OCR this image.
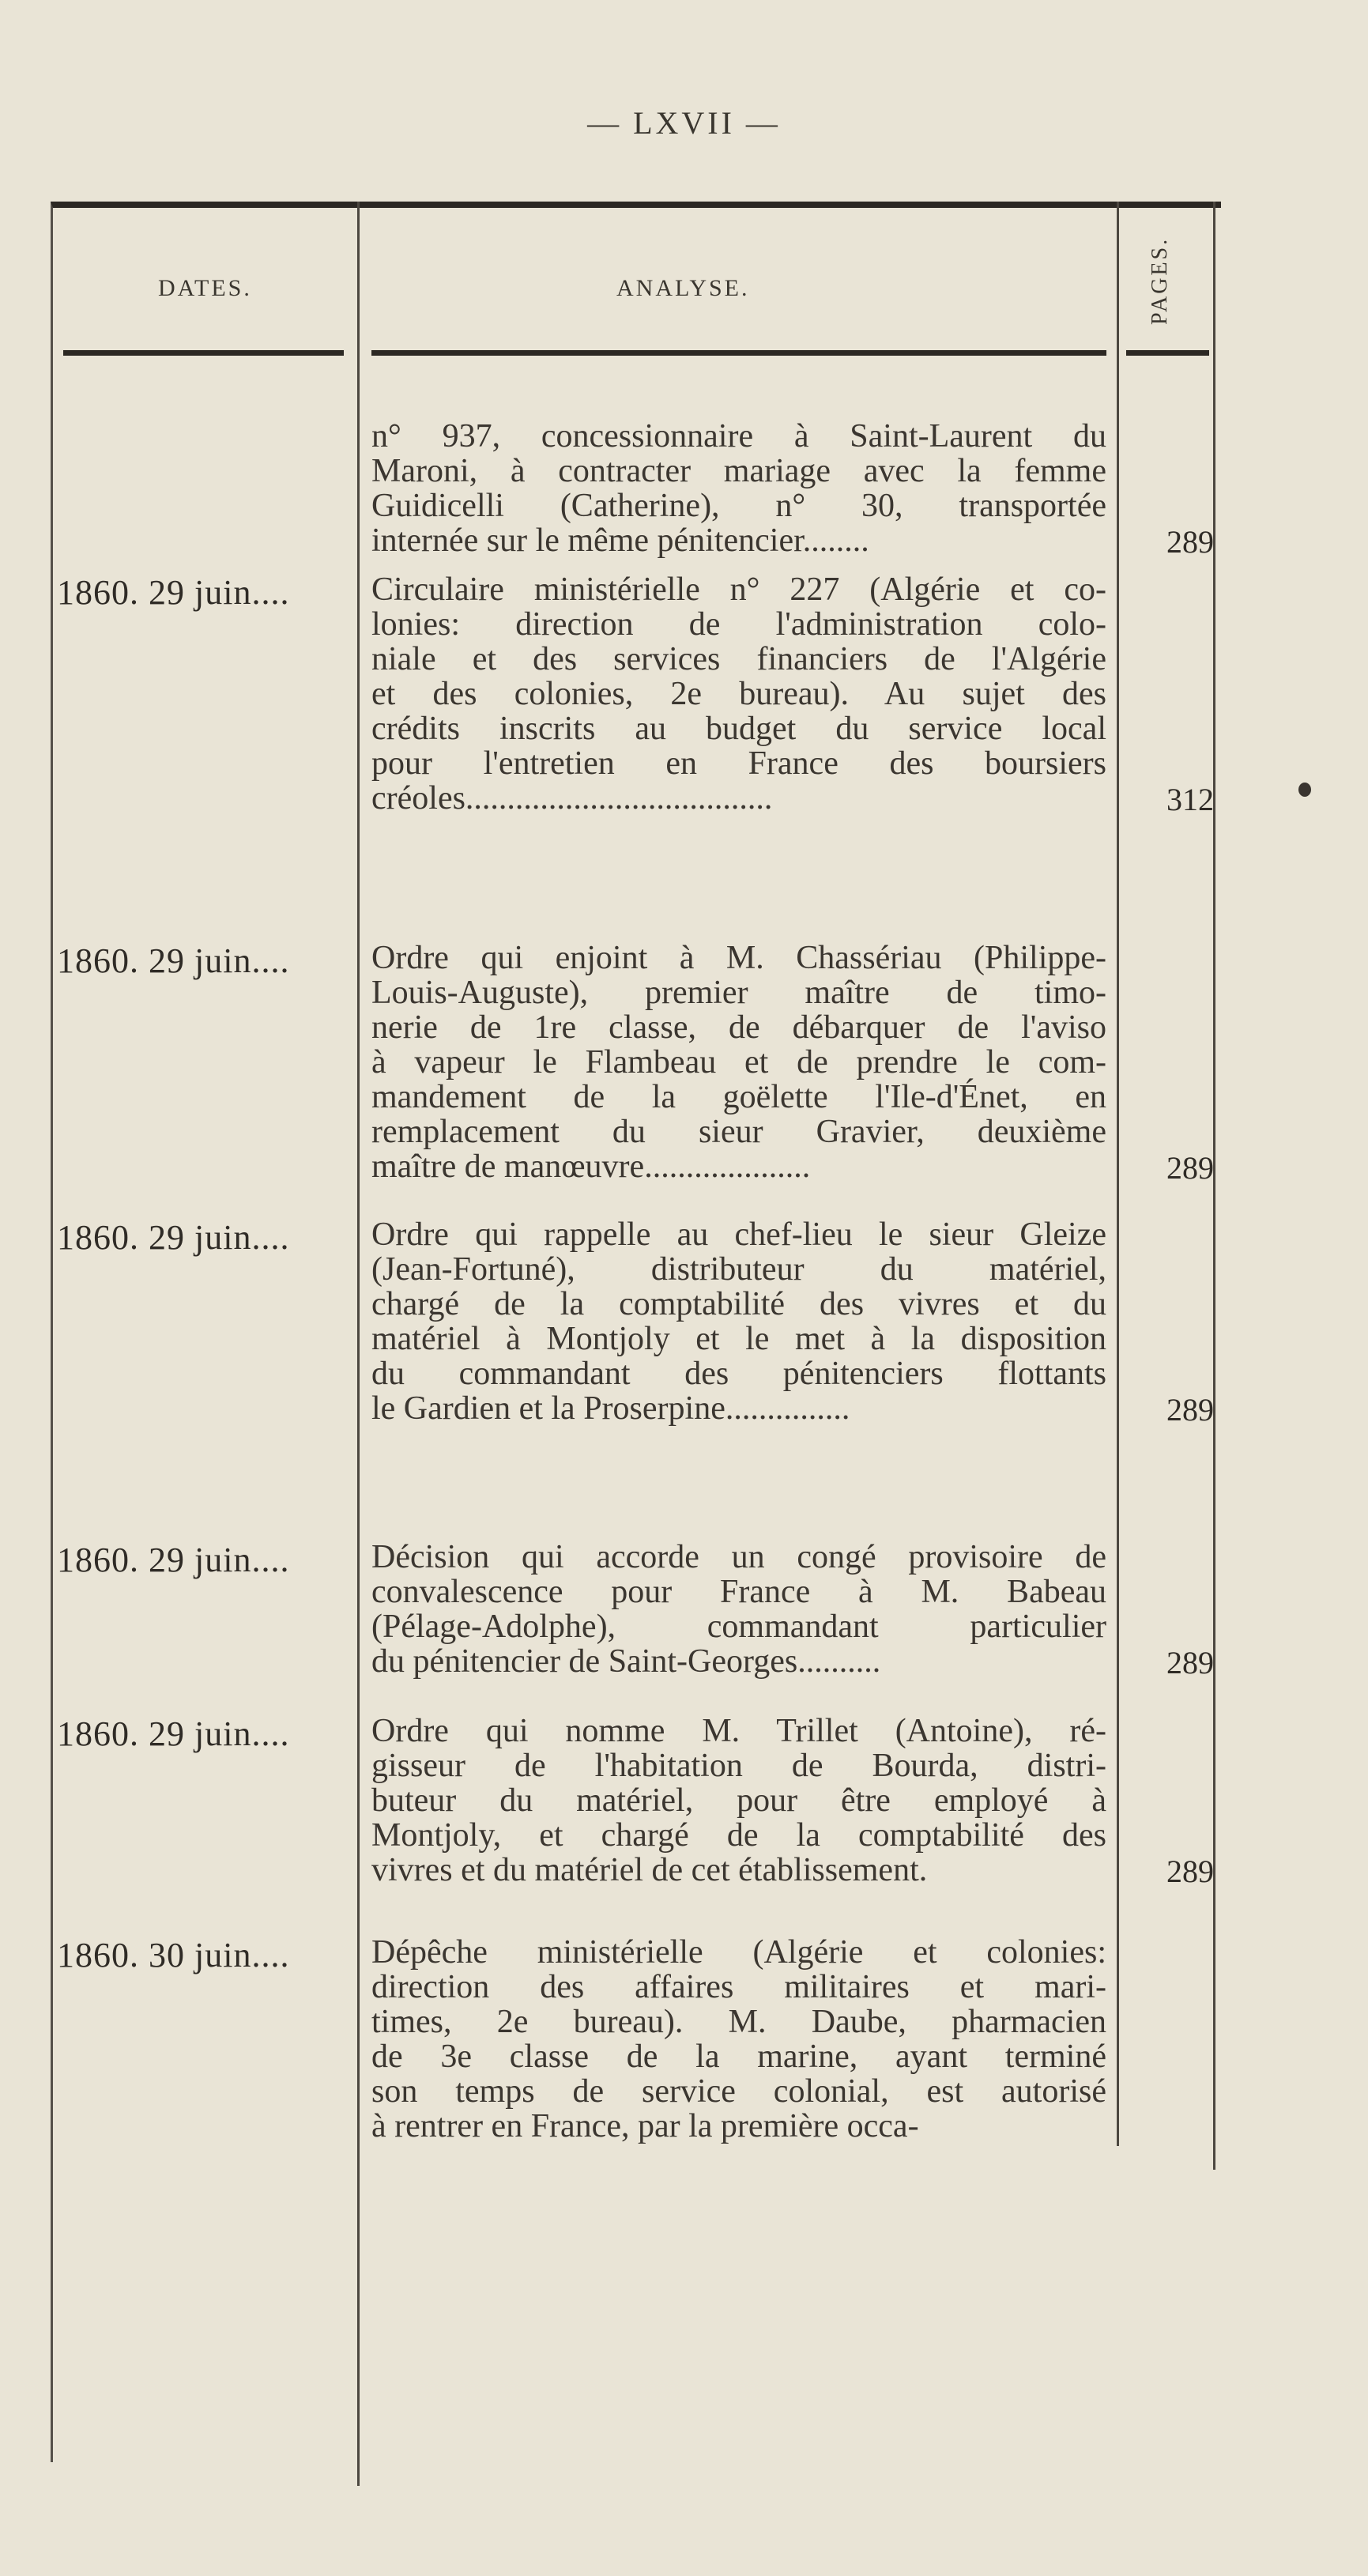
— LXVII —
DATES.	ANALYSE.	PAGES.
n° 937, concessionnaire à Saint-Laurent du
Maroni, à contracter mariage avec la femme
Guidicelli (Catherine), n° 30, transportée
internée sur le même pénitencier........	289
1860. 29 juin....	Circulaire ministérielle n° 227 (Algérie et co-
lonies: direction de l'administration colo-
niale et des services financiers de l'Algérie
et des colonies, 2e bureau). Au sujet des
crédits inscrits au budget du service local
pour l'entretien en France des boursiers
créoles.....................................	312
1860. 29 juin....	Ordre qui enjoint à M. Chassériau (Philippe-
Louis-Auguste), premier maître de timo-
nerie de 1re classe, de débarquer de l'aviso
à vapeur le Flambeau et de prendre le com-
mandement de la goëlette l'Ile-d'Énet, en
remplacement du sieur Gravier, deuxième
maître de manœuvre....................	289
1860. 29 juin....	Ordre qui rappelle au chef-lieu le sieur Gleize
(Jean-Fortuné), distributeur du matériel,
chargé de la comptabilité des vivres et du
matériel à Montjoly et le met à la disposition
du commandant des pénitenciers flottants
le Gardien et la Proserpine...............	289
1860. 29 juin....	Décision qui accorde un congé provisoire de
convalescence pour France à M. Babeau
(Pélage-Adolphe), commandant particulier
du pénitencier de Saint-Georges..........	289
1860. 29 juin....	Ordre qui nomme M. Trillet (Antoine), ré-
gisseur de l'habitation de Bourda, distri-
buteur du matériel, pour être employé à
Montjoly, et chargé de la comptabilité des
vivres et du matériel de cet établissement.	289
1860. 30 juin....	Dépêche ministérielle (Algérie et colonies:
direction des affaires militaires et mari-
times, 2e bureau). M. Daube, pharmacien
de 3e classe de la marine, ayant terminé
son temps de service colonial, est autorisé
à rentrer en France, par la première occa-
